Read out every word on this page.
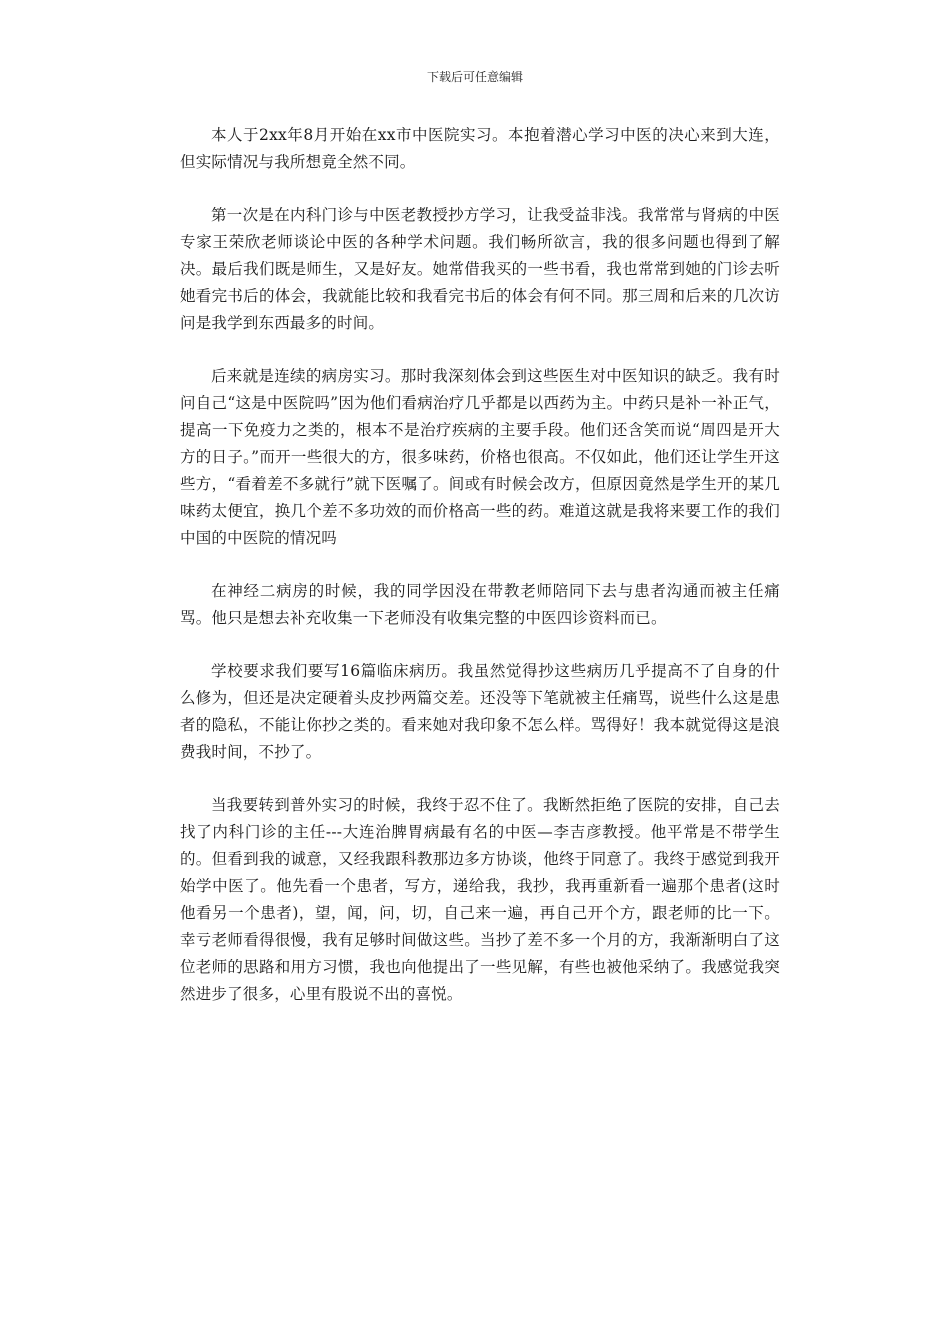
下载后可任意编辑

本人于2xx年8月开始在xx市中医院实习。本抱着潜心学习中医的决心来到大连，但实际情况与我所想竟全然不同。

第一次是在内科门诊与中医老教授抄方学习，让我受益非浅。我常常与肾病的中医专家王荣欣老师谈论中医的各种学术问题。我们畅所欲言，我的很多问题也得到了解决。最后我们既是师生，又是好友。她常借我买的一些书看，我也常常到她的门诊去听她看完书后的体会，我就能比较和我看完书后的体会有何不同。那三周和后来的几次访问是我学到东西最多的时间。

后来就是连续的病房实习。那时我深刻体会到这些医生对中医知识的缺乏。我有时问自己“这是中医院吗”因为他们看病治疗几乎都是以西药为主。中药只是补一补正气，提高一下免疫力之类的，根本不是治疗疾病的主要手段。他们还含笑而说“周四是开大方的日子。”而开一些很大的方，很多味药，价格也很高。不仅如此，他们还让学生开这些方，“看着差不多就行”就下医嘱了。间或有时候会改方，但原因竟然是学生开的某几味药太便宜，换几个差不多功效的而价格高一些的药。难道这就是我将来要工作的我们中国的中医院的情况吗

在神经二病房的时候，我的同学因没在带教老师陪同下去与患者沟通而被主任痛骂。他只是想去补充收集一下老师没有收集完整的中医四诊资料而已。

学校要求我们要写16篇临床病历。我虽然觉得抄这些病历几乎提高不了自身的什么修为，但还是决定硬着头皮抄两篇交差。还没等下笔就被主任痛骂，说些什么这是患者的隐私，不能让你抄之类的。看来她对我印象不怎么样。骂得好！我本就觉得这是浪费我时间，不抄了。

当我要转到普外实习的时候，我终于忍不住了。我断然拒绝了医院的安排，自己去找了内科门诊的主任---大连治脾胃病最有名的中医—李吉彦教授。他平常是不带学生的。但看到我的诚意，又经我跟科教那边多方协谈，他终于同意了。我终于感觉到我开始学中医了。他先看一个患者，写方，递给我，我抄，我再重新看一遍那个患者(这时他看另一个患者)，望，闻，问，切，自己来一遍，再自己开个方，跟老师的比一下。幸亏老师看得很慢，我有足够时间做这些。当抄了差不多一个月的方，我渐渐明白了这位老师的思路和用方习惯，我也向他提出了一些见解，有些也被他采纳了。我感觉我突然进步了很多，心里有股说不出的喜悦。
